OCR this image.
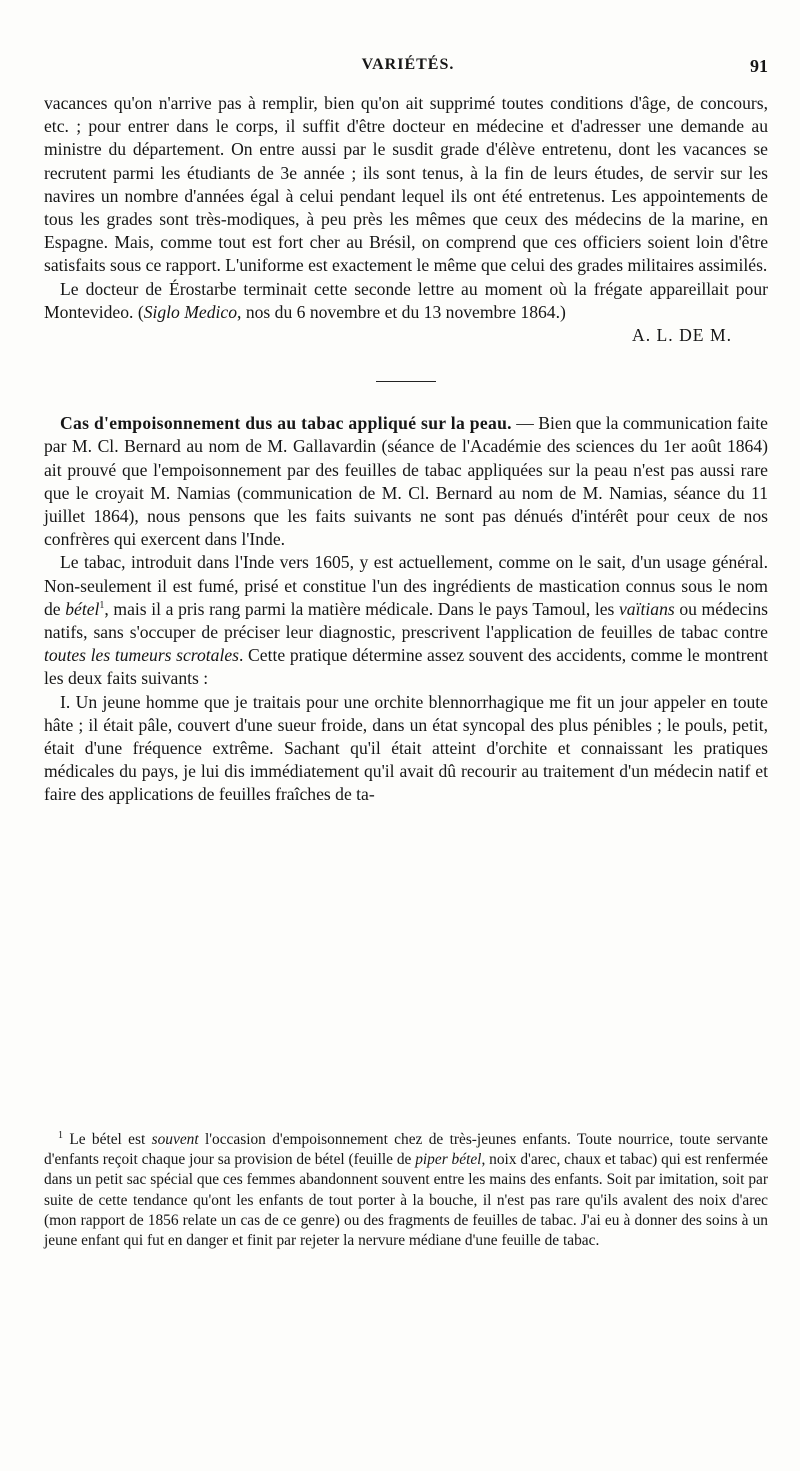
VARIÉTÉS.	91

vacances qu'on n'arrive pas à remplir, bien qu'on ait supprimé toutes conditions d'âge, de concours, etc. ; pour entrer dans le corps, il suffit d'être docteur en médecine et d'adresser une demande au ministre du département. On entre aussi par le susdit grade d'élève entretenu, dont les vacances se recrutent parmi les étudiants de 3e année ; ils sont tenus, à la fin de leurs études, de servir sur les navires un nombre d'années égal à celui pendant lequel ils ont été entretenus. Les appointements de tous les grades sont très-modiques, à peu près les mêmes que ceux des médecins de la marine, en Espagne. Mais, comme tout est fort cher au Brésil, on comprend que ces officiers soient loin d'être satisfaits sous ce rapport. L'uniforme est exactement le même que celui des grades militaires assimilés.

Le docteur de Érostarbe terminait cette seconde lettre au moment où la frégate appareillait pour Montevideo. (Siglo Medico, nos du 6 novembre et du 13 novembre 1864.)

A. L. DE M.

Cas d'empoisonnement dus au tabac appliqué sur la peau. — Bien que la communication faite par M. Cl. Bernard au nom de M. Gallavardin (séance de l'Académie des sciences du 1er août 1864) ait prouvé que l'empoisonnement par des feuilles de tabac appliquées sur la peau n'est pas aussi rare que le croyait M. Namias (communication de M. Cl. Bernard au nom de M. Namias, séance du 11 juillet 1864), nous pensons que les faits suivants ne sont pas dénués d'intérêt pour ceux de nos confrères qui exercent dans l'Inde.

Le tabac, introduit dans l'Inde vers 1605, y est actuellement, comme on le sait, d'un usage général. Non-seulement il est fumé, prisé et constitue l'un des ingrédients de mastication connus sous le nom de bétel$^1$, mais il a pris rang parmi la matière médicale. Dans le pays Tamoul, les vaïtians ou médecins natifs, sans s'occuper de préciser leur diagnostic, prescrivent l'application de feuilles de tabac contre toutes les tumeurs scrotales. Cette pratique détermine assez souvent des accidents, comme le montrent les deux faits suivants :

I. Un jeune homme que je traitais pour une orchite blennorrhagique me fit un jour appeler en toute hâte ; il était pâle, couvert d'une sueur froide, dans un état syncopal des plus pénibles ; le pouls, petit, était d'une fréquence extrême. Sachant qu'il était atteint d'orchite et connaissant les pratiques médicales du pays, je lui dis immédiatement qu'il avait dû recourir au traitement d'un médecin natif et faire des applications de feuilles fraîches de ta-

$^1$ Le bétel est souvent l'occasion d'empoisonnement chez de très-jeunes enfants. Toute nourrice, toute servante d'enfants reçoit chaque jour sa provision de bétel (feuille de piper bétel, noix d'arec, chaux et tabac) qui est renfermée dans un petit sac spécial que ces femmes abandonnent souvent entre les mains des enfants. Soit par imitation, soit par suite de cette tendance qu'ont les enfants de tout porter à la bouche, il n'est pas rare qu'ils avalent des noix d'arec (mon rapport de 1856 relate un cas de ce genre) ou des fragments de feuilles de tabac. J'ai eu à donner des soins à un jeune enfant qui fut en danger et finit par rejeter la nervure médiane d'une feuille de tabac.
